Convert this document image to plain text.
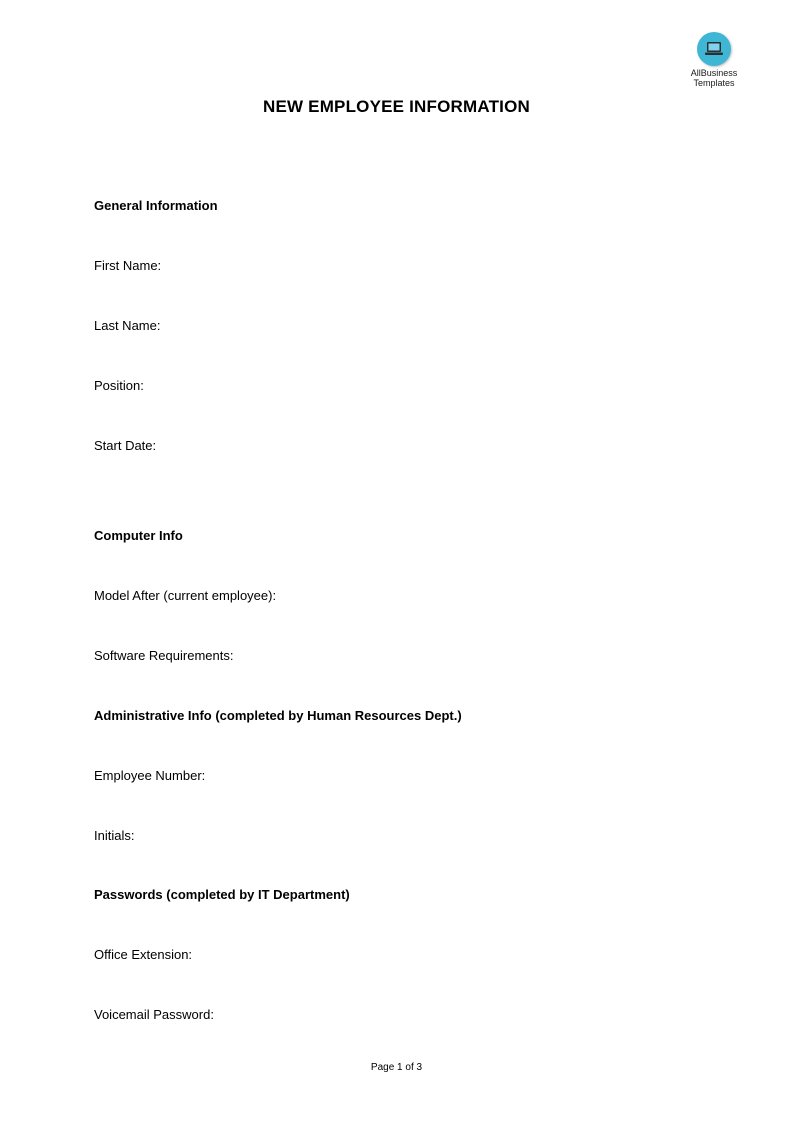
AllBusiness
Templates
NEW EMPLOYEE INFORMATION
General Information
First Name:
Last Name:
Position:
Start Date:
Computer Info
Model After (current employee):
Software Requirements:
Administrative Info (completed by Human Resources Dept.)
Employee Number:
Initials:
Passwords (completed by IT Department)
Office Extension:
Voicemail Password:
Page 1 of 3
